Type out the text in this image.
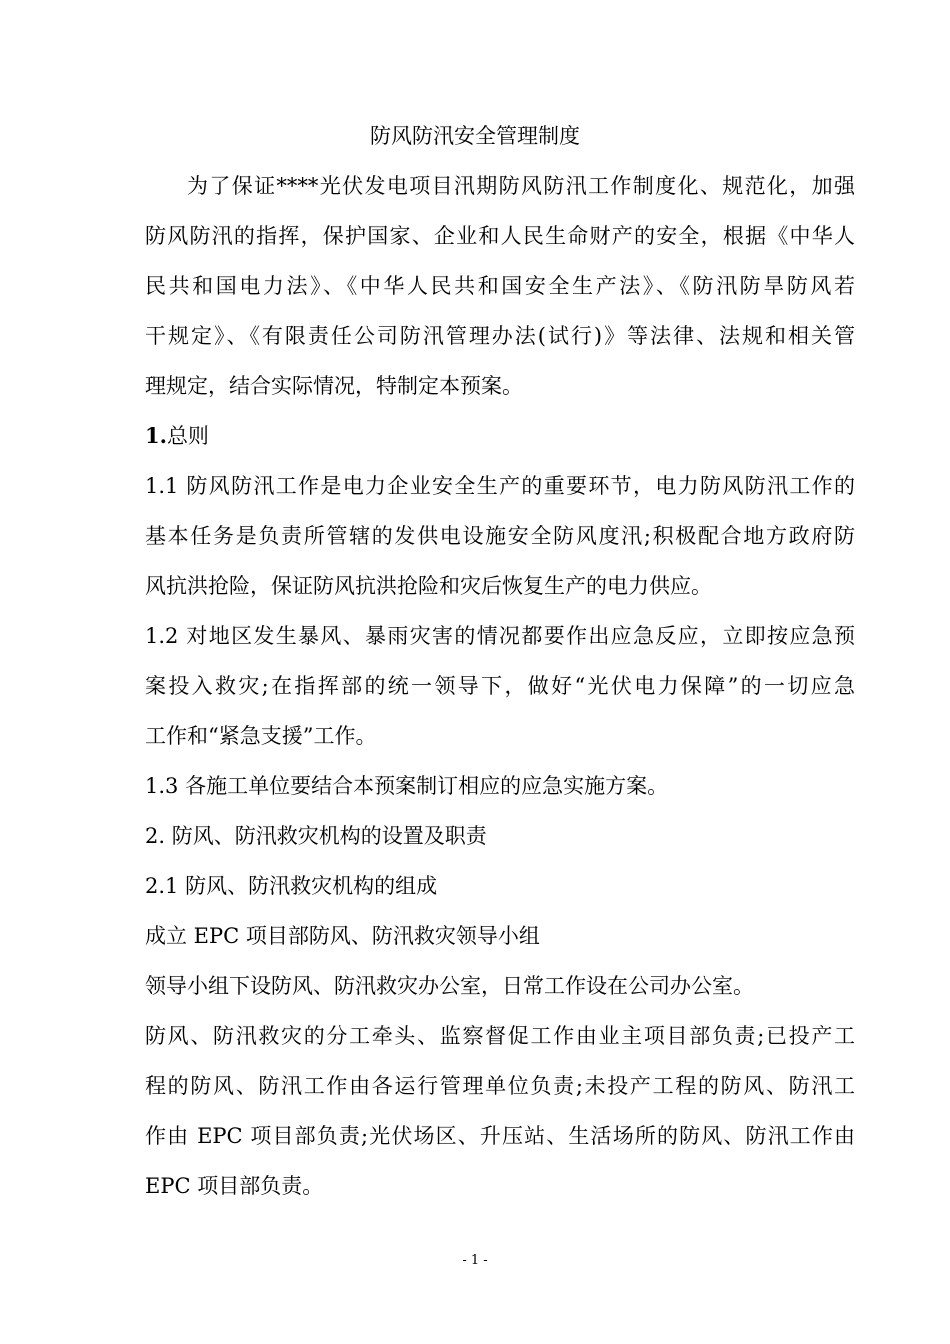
防风防汛安全管理制度
为了保证****光伏发电项目汛期防风防汛工作制度化、规范化，加强
防风防汛的指挥，保护国家、企业和人民生命财产的安全，根据《中华人
民共和国电力法》、《中华人民共和国安全生产法》、《防汛防旱防风若
干规定》、《有限责任公司防汛管理办法(试行)》等法律、法规和相关管
理规定，结合实际情况，特制定本预案。
1.总则
1.1 防风防汛工作是电力企业安全生产的重要环节，电力防风防汛工作的
基本任务是负责所管辖的发供电设施安全防风度汛;积极配合地方政府防
风抗洪抢险，保证防风抗洪抢险和灾后恢复生产的电力供应。
1.2 对地区发生暴风、暴雨灾害的情况都要作出应急反应，立即按应急预
案投入救灾;在指挥部的统一领导下，做好“光伏电力保障”的一切应急
工作和“紧急支援”工作。
1.3 各施工单位要结合本预案制订相应的应急实施方案。
2. 防风、防汛救灾机构的设置及职责
2.1 防风、防汛救灾机构的组成
成立 EPC 项目部防风、防汛救灾领导小组
领导小组下设防风、防汛救灾办公室，日常工作设在公司办公室。
防风、防汛救灾的分工牵头、监察督促工作由业主项目部负责;已投产工
程的防风、防汛工作由各运行管理单位负责;未投产工程的防风、防汛工
作由 EPC 项目部负责;光伏场区、升压站、生活场所的防风、防汛工作由
EPC 项目部负责。
- 1 -
